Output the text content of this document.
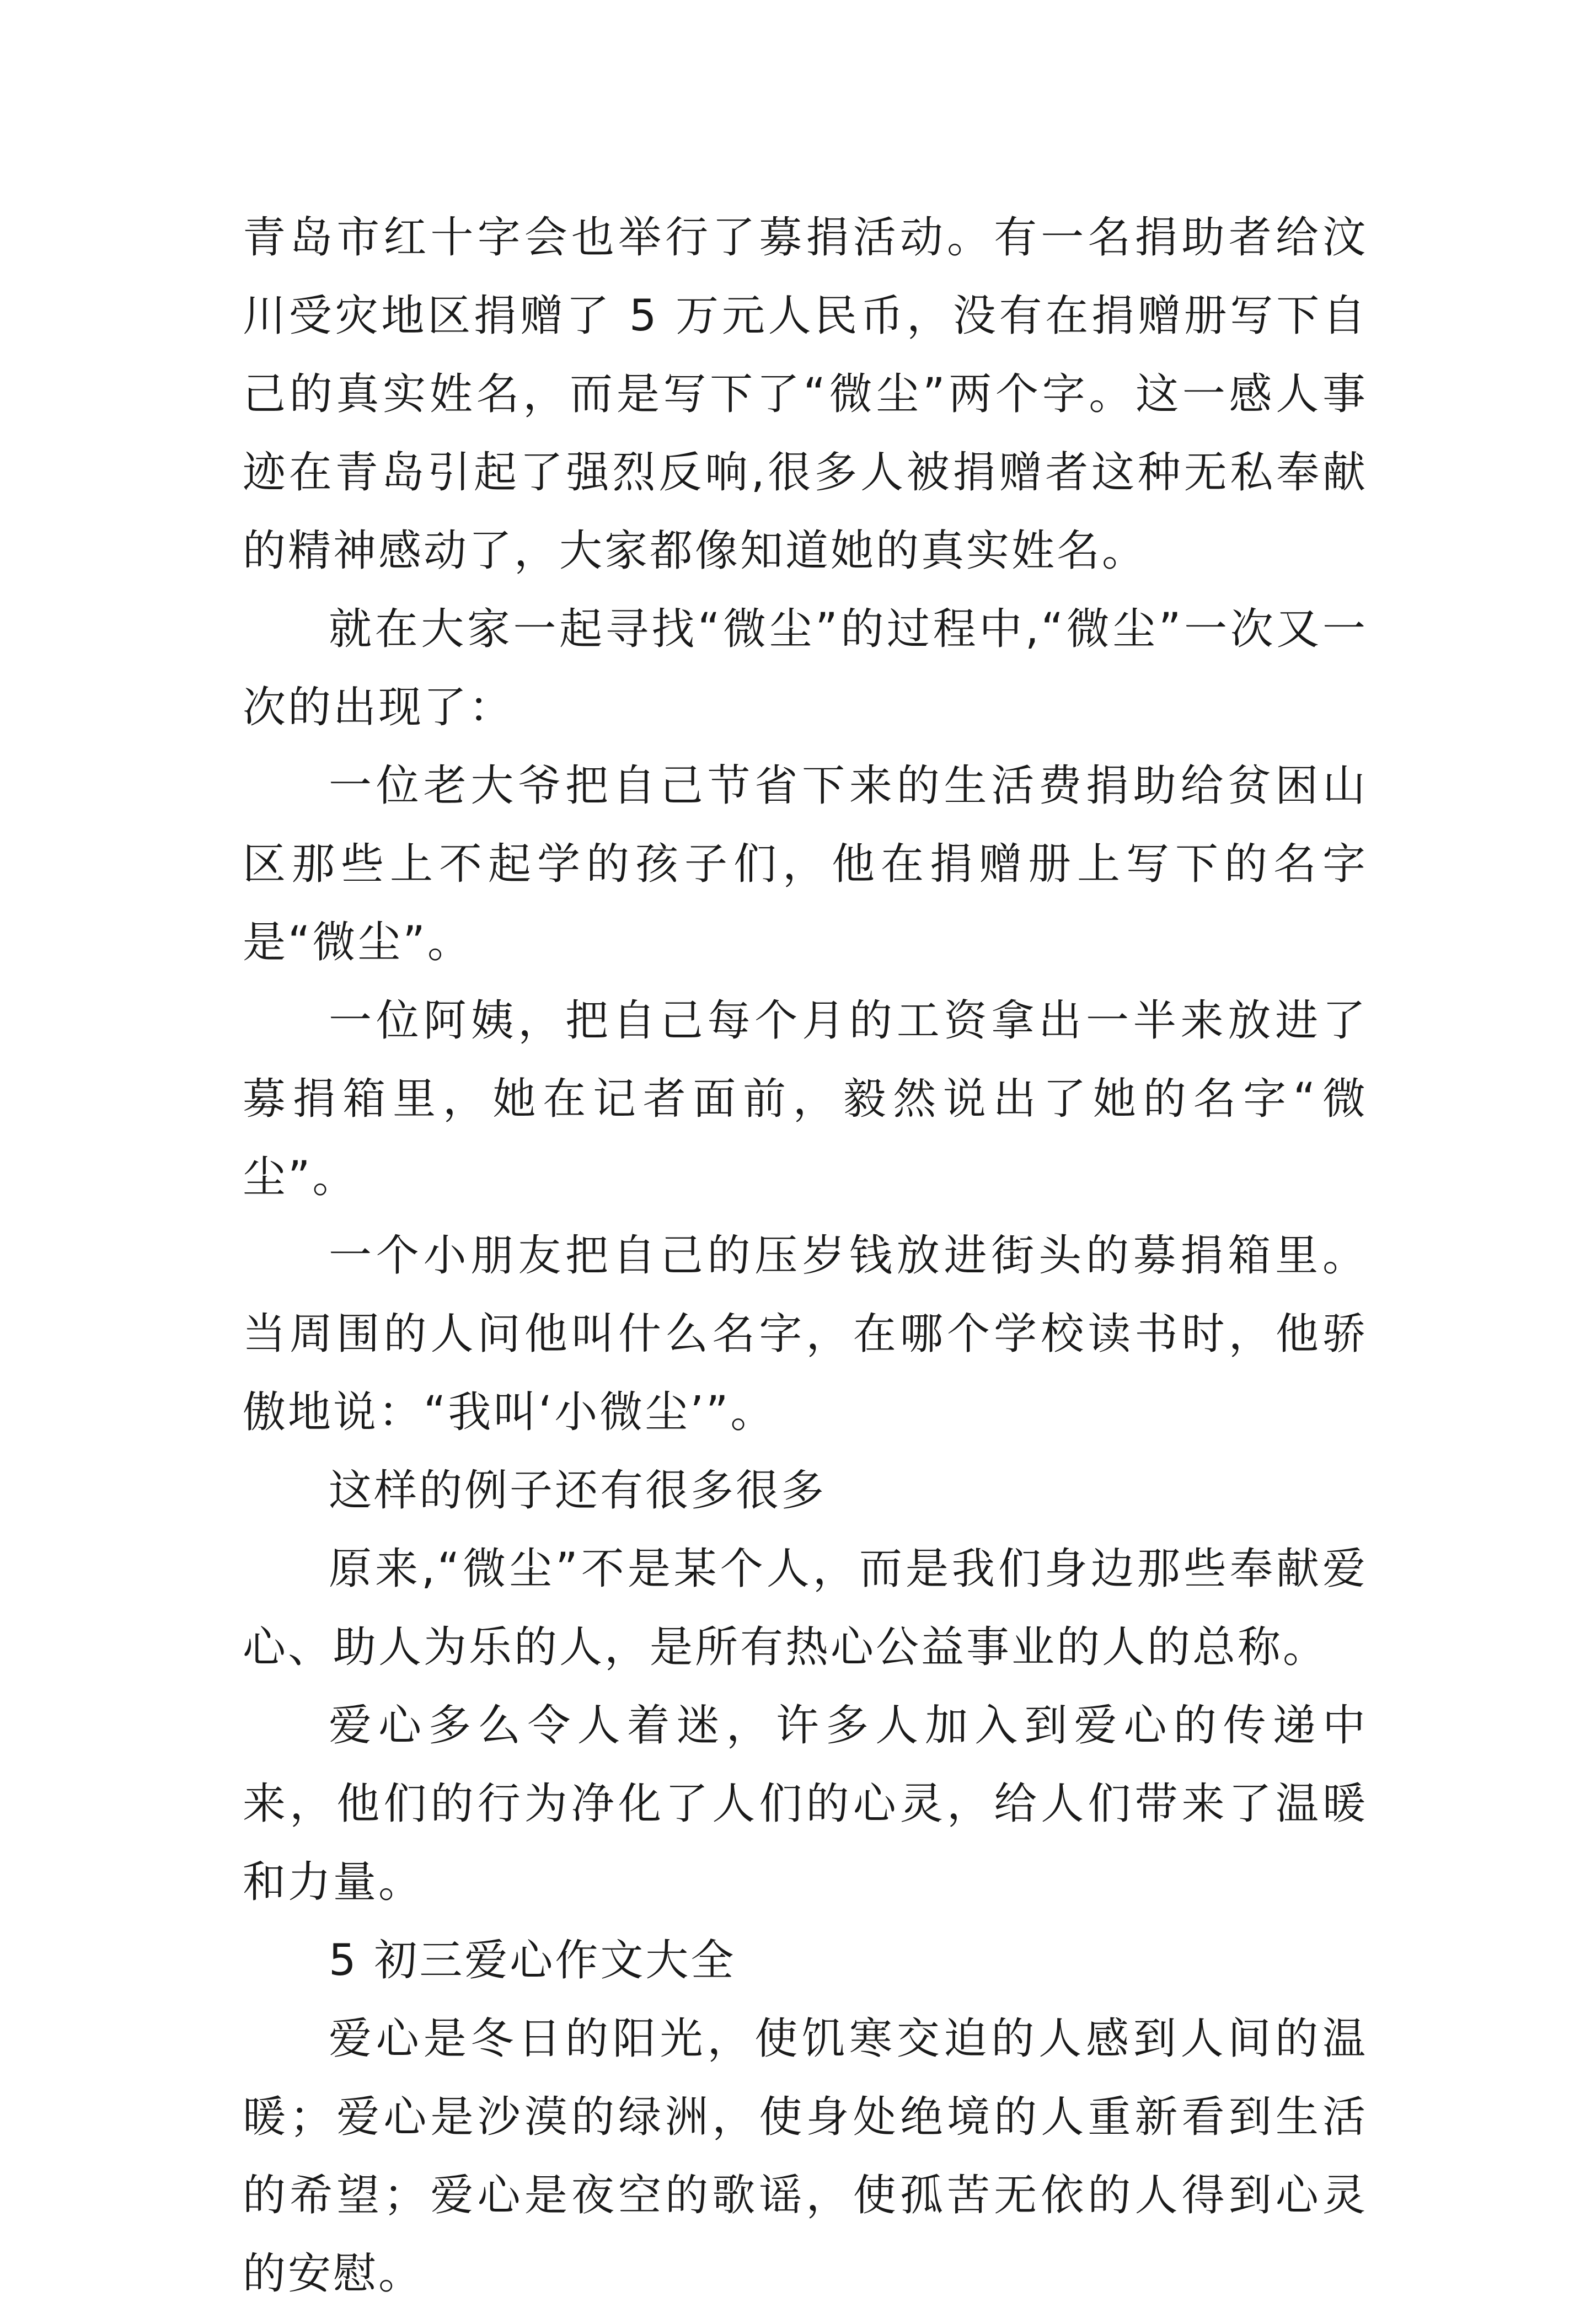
青岛市红十字会也举行了募捐活动。有一名捐助者给汶川受灾地区捐赠了 5 万元人民币，没有在捐赠册写下自己的真实姓名，而是写下了“微尘”两个字。这一感人事迹在青岛引起了强烈反响,很多人被捐赠者这种无私奉献的精神感动了，大家都像知道她的真实姓名。

就在大家一起寻找“微尘”的过程中,“微尘”一次又一次的出现了：

一位老大爷把自己节省下来的生活费捐助给贫困山区那些上不起学的孩子们，他在捐赠册上写下的名字是“微尘”。

一位阿姨，把自己每个月的工资拿出一半来放进了募捐箱里，她在记者面前，毅然说出了她的名字“微尘”。

一个小朋友把自己的压岁钱放进街头的募捐箱里。当周围的人问他叫什么名字，在哪个学校读书时，他骄傲地说：“我叫‘小微尘’”。

这样的例子还有很多很多

原来,“微尘”不是某个人，而是我们身边那些奉献爱心、助人为乐的人，是所有热心公益事业的人的总称。

爱心多么令人着迷，许多人加入到爱心的传递中来，他们的行为净化了人们的心灵，给人们带来了温暖和力量。

5 初三爱心作文大全

爱心是冬日的阳光，使饥寒交迫的人感到人间的温暖；爱心是沙漠的绿洲，使身处绝境的人重新看到生活的希望；爱心是夜空的歌谣，使孤苦无依的人得到心灵的安慰。
